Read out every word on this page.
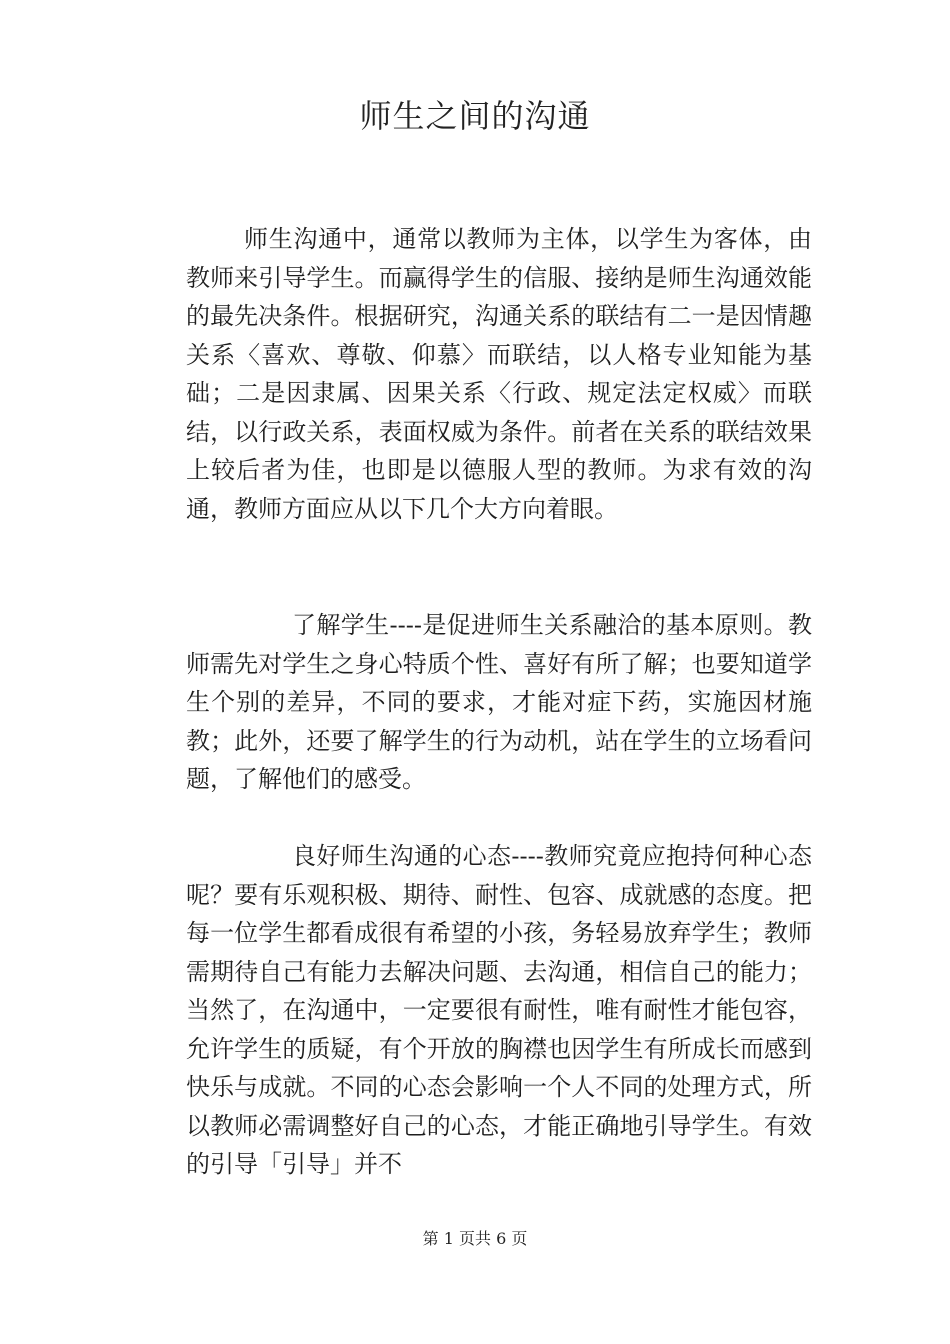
师生之间的沟通

师生沟通中，通常以教师为主体，以学生为客体，由教师来引导学生。而赢得学生的信服、接纳是师生沟通效能的最先决条件。根据研究，沟通关系的联结有二一是因情趣关系〈喜欢、尊敬、仰慕〉而联结，以人格专业知能为基础；二是因隶属、因果关系〈行政、规定法定权威〉而联结，以行政关系，表面权威为条件。前者在关系的联结效果上较后者为佳，也即是以德服人型的教师。为求有效的沟通，教师方面应从以下几个大方向着眼。

了解学生----是促进师生关系融洽的基本原则。教师需先对学生之身心特质个性、喜好有所了解；也要知道学生个别的差异，不同的要求，才能对症下药，实施因材施教；此外，还要了解学生的行为动机，站在学生的立场看问题，了解他们的感受。

良好师生沟通的心态----教师究竟应抱持何种心态呢？要有乐观积极、期待、耐性、包容、成就感的态度。把每一位学生都看成很有希望的小孩，务轻易放弃学生；教师需期待自己有能力去解决问题、去沟通，相信自己的能力；当然了，在沟通中，一定要很有耐性，唯有耐性才能包容，允许学生的质疑，有个开放的胸襟也因学生有所成长而感到快乐与成就。不同的心态会影响一个人不同的处理方式，所以教师必需调整好自己的心态，才能正确地引导学生。有效的引导「引导」并不

第 1 页共 6 页
